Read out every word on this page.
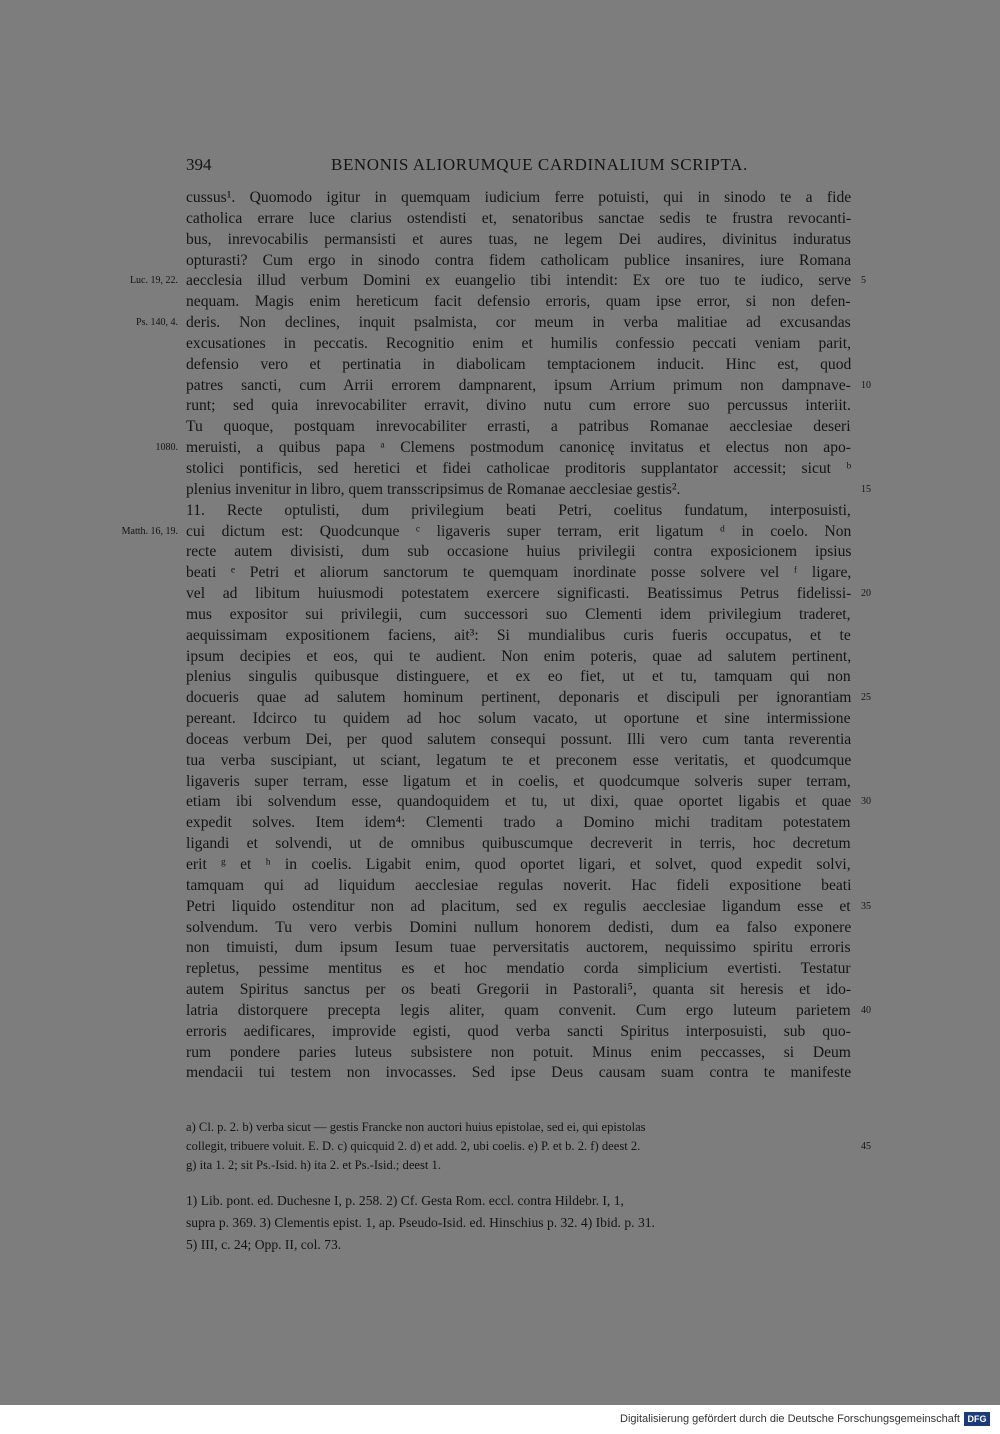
394	BENONIS ALIORUMQUE CARDINALIUM SCRIPTA.
cussus¹. Quomodo igitur in quemquam iudicium ferre potuisti, qui in sinodo te a fide
catholica errare luce clarius ostendisti et, senatoribus sanctae sedis te frustra revocanti-
bus, inrevocabilis permansisti et aures tuas, ne legem Dei audires, divinitus induratus
opturasti? Cum ergo in sinodo contra fidem catholicam publice insanires, iure Romana
aecclesia illud verbum Domini ex euangelio tibi intendit: Ex ore tuo te iudico, serve
Luc. 19, 22.	5
nequam. Magis enim hereticum facit defensio erroris, quam ipse error, si non defen-
deris. Non declines, inquit psalmista, cor meum in verba malitiae ad excusandas
Ps. 140, 4.
excusationes in peccatis. Recognitio enim et humilis confessio peccati veniam parit,
defensio vero et pertinatia in diabolicam temptacionem inducit. Hinc est, quod
patres sancti, cum Arrii errorem dampnarent, ipsum Arrium primum non dampnave- 10
runt; sed quia inrevocabiliter erravit, divino nutu cum errore suo percussus interiit.
Tu quoque, postquam inrevocabiliter errasti, a patribus Romanae aecclesiae deseri
meruisti, a quibus papa ᵃ Clemens postmodum canonicę invitatus et electus non apo-
1080.
stolici pontificis, sed heretici et fidei catholicae proditoris supplantator accessit; sicut ᵇ
plenius invenitur in libro, quem transscripsimus de Romanae aecclesiae gestis².	15
11. Recte optulisti, dum privilegium beati Petri, coelitus fundatum, interposuisti,
cui dictum est: Quodcunque ᶜ ligaveris super terram, erit ligatum ᵈ in coelo. Non
Matth. 16, 19.
recte autem divisisti, dum sub occasione huius privilegii contra exposicionem ipsius
beati ᵉ Petri et aliorum sanctorum te quemquam inordinate posse solvere vel ᶠ ligare,
vel ad libitum huiusmodi potestatem exercere significasti. Beatissimus Petrus fidelissi- 20
mus expositor sui privilegii, cum successori suo Clementi idem privilegium traderet,
aequissimam expositionem faciens, ait³: Si mundialibus curis fueris occupatus, et te
ipsum decipies et eos, qui te audient. Non enim poteris, quae ad salutem pertinent,
plenius singulis quibusque distinguere, et ex eo fiet, ut et tu, tamquam qui non
docueris quae ad salutem hominum pertinent, deponaris et discipuli per ignorantiam 25
pereant. Idcirco tu quidem ad hoc solum vacato, ut oportune et sine intermissione
doceas verbum Dei, per quod salutem consequi possunt. Illi vero cum tanta reverentia
tua verba suscipiant, ut sciant, legatum te et preconem esse veritatis, et quodcumque
ligaveris super terram, esse ligatum et in coelis, et quodcumque solveris super terram,
etiam ibi solvendum esse, quandoquidem et tu, ut dixi, quae oportet ligabis et quae 30
expedit solves. Item idem⁴: Clementi trado a Domino michi traditam potestatem
ligandi et solvendi, ut de omnibus quibuscumque decreverit in terris, hoc decretum
erit ᵍ et ʰ in coelis. Ligabit enim, quod oportet ligari, et solvet, quod expedit solvi,
tamquam qui ad liquidum aecclesiae regulas noverit. Hac fideli expositione beati
Petri liquido ostenditur non ad placitum, sed ex regulis aecclesiae ligandum esse et 35
solvendum. Tu vero verbis Domini nullum honorem dedisti, dum ea falso exponere
non timuisti, dum ipsum Iesum tuae perversitatis auctorem, nequissimo spiritu erroris
repletus, pessime mentitus es et hoc mendatio corda simplicium evertisti. Testatur
autem Spiritus sanctus per os beati Gregorii in Pastorali⁵, quanta sit heresis et ido-
latria distorquere precepta legis aliter, quam convenit. Cum ergo luteum parietem 40
erroris aedificares, improvide egisti, quod verba sancti Spiritus interposuisti, sub quo-
rum pondere paries luteus subsistere non potuit. Minus enim peccasses, si Deum
mendacii tui testem non invocasses. Sed ipse Deus causam suam contra te manifeste
a) Cl. p. 2. b) verba sicut — gestis Francke non auctori huius epistolae, sed ei, qui epistolas
collegit, tribuere voluit. E. D. c) quicquid 2. d) et add. 2, ubi coelis. e) P. et b. 2. f) deest 2.	45
g) ita 1. 2; sit Ps.-Isid. h) ita 2. et Ps.-Isid.; deest 1.
1) Lib. pont. ed. Duchesne I, p. 258. 2) Cf. Gesta Rom. eccl. contra Hildebr. I, 1,
supra p. 369. 3) Clementis epist. 1, ap. Pseudo-Isid. ed. Hinschius p. 32. 4) Ibid. p. 31.
5) III, c. 24; Opp. II, col. 73.
Digitalisierung gefördert durch die Deutsche Forschungsgemeinschaft DFG
